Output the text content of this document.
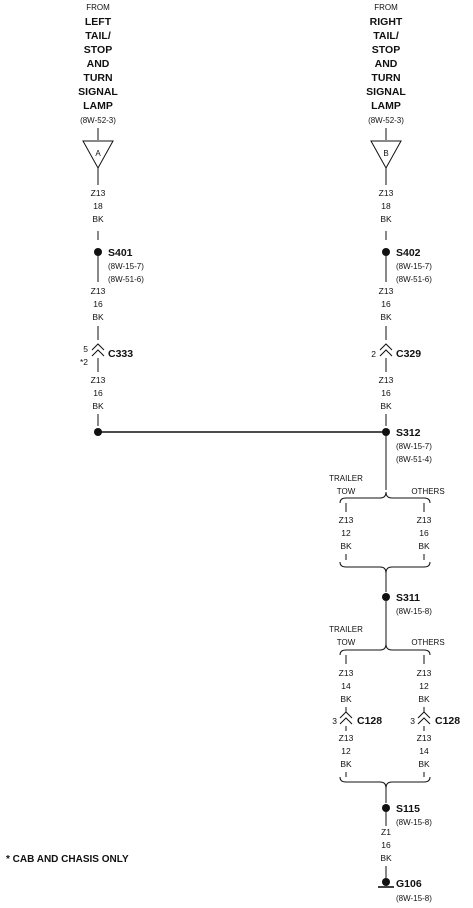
FROM
LEFT
TAIL/
STOP
AND
TURN
SIGNAL
LAMP
(8W-52-3)
A
FROM
RIGHT
TAIL/
STOP
AND
TURN
SIGNAL
LAMP
(8W-52-3)
B
Z13
18
BK
S401
(8W-15-7)
(8W-51-6)
Z13
16
BK
5
*2
C333
Z13
16
BK
Z13
18
BK
S402
(8W-15-7)
(8W-51-6)
Z13
16
BK
2 C329
Z13
16
BK
S312
(8W-15-7)
(8W-51-4)
TRAILER
TOW	OTHERS
Z13
12
BK
Z13
16
BK
S311
(8W-15-8)
TRAILER
TOW	OTHERS
Z13
14
BK
Z13
12
BK
3 C128	3 C128
Z13
12
BK
Z13
14
BK
S115
(8W-15-8)
Z1
16
BK
G106
(8W-15-8)
* CAB AND CHASIS ONLY
